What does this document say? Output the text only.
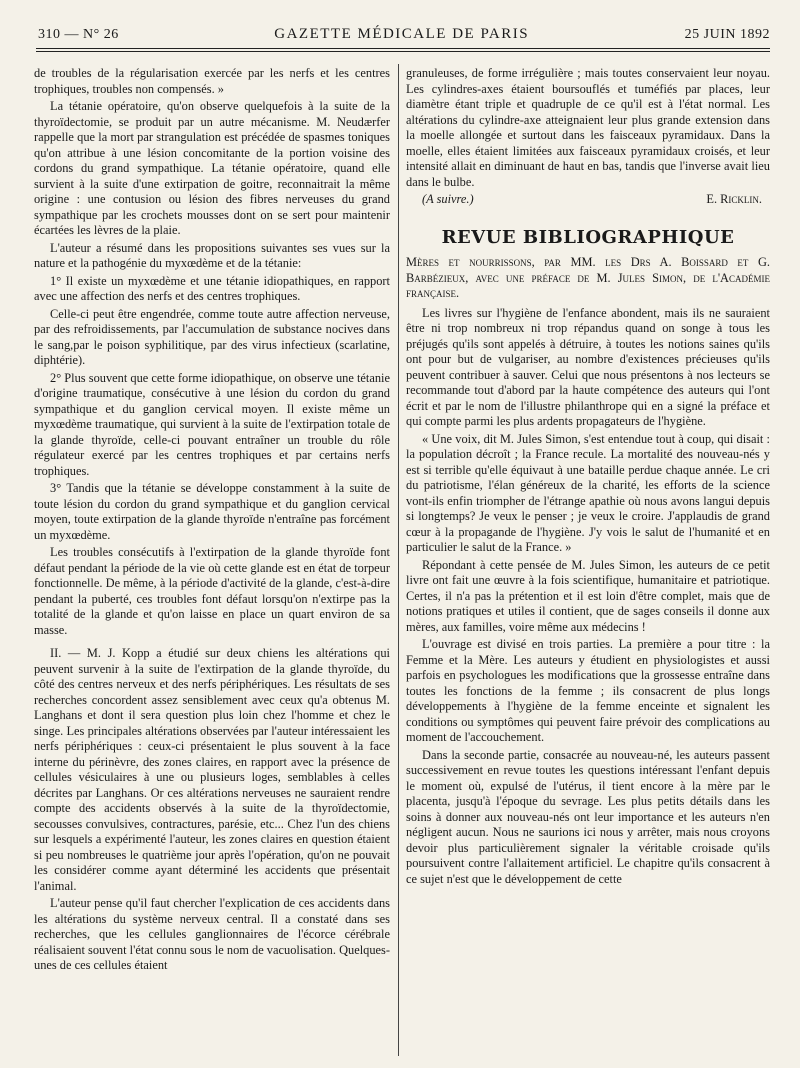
310 — N° 26	GAZETTE MÉDICALE DE PARIS	25 JUIN 1892

de troubles de la régularisation exercée par les nerfs et les centres trophiques, troubles non compensés. »

La tétanie opératoire, qu'on observe quelquefois à la suite de la thyroïdectomie, se produit par un autre mécanisme. M. Neudærfer rappelle que la mort par strangulation est précédée de spasmes toniques qu'on attribue à une lésion concomitante de la portion voisine des cordons du grand sympathique. La tétanie opératoire, quand elle survient à la suite d'une extirpation de goitre, reconnaitrait la même origine : une contusion ou lésion des fibres nerveuses du grand sympathique par les crochets mousses dont on se sert pour maintenir écartées les lèvres de la plaie.

L'auteur a résumé dans les propositions suivantes ses vues sur la nature et la pathogénie du myxœdème et de la tétanie:

1° Il existe un myxœdème et une tétanie idiopathiques, en rapport avec une affection des nerfs et des centres trophiques.

Celle-ci peut être engendrée, comme toute autre affection nerveuse, par des refroidissements, par l'accumulation de substance nocives dans le sang,par le poison syphilitique, par des virus infectieux (scarlatine, diphtérie).

2° Plus souvent que cette forme idiopathique, on observe une tétanie d'origine traumatique, consécutive à une lésion du cordon du grand sympathique et du ganglion cervical moyen. Il existe même un myxœdème traumatique, qui survient à la suite de l'extirpation totale de la glande thyroïde, celle-ci pouvant entraîner un trouble du rôle régulateur exercé par les centres trophiques et par certains nerfs trophiques.

3° Tandis que la tétanie se développe constamment à la suite de toute lésion du cordon du grand sympathique et du ganglion cervical moyen, toute extirpation de la glande thyroïde n'entraîne pas forcément un myxœdème.

Les troubles consécutifs à l'extirpation de la glande thyroïde font défaut pendant la période de la vie où cette glande est en état de torpeur fonctionnelle. De même, à la période d'activité de la glande, c'est-à-dire pendant la puberté, ces troubles font défaut lorsqu'on n'extirpe pas la totalité de la glande et qu'on laisse en place un quart environ de sa masse.

II. — M. J. Kopp a étudié sur deux chiens les altérations qui peuvent survenir à la suite de l'extirpation de la glande thyroïde, du côté des centres nerveux et des nerfs périphériques. Les résultats de ses recherches concordent assez sensiblement avec ceux qu'a obtenus M. Langhans et dont il sera question plus loin chez l'homme et chez le singe. Les principales altérations observées par l'auteur intéressaient les nerfs périphériques : ceux-ci présentaient le plus souvent à la face interne du périnèvre, des zones claires, en rapport avec la présence de cellules vésiculaires à une ou plusieurs loges, semblables à celles décrites par Langhans. Or ces altérations nerveuses ne sauraient rendre compte des accidents observés à la suite de la thyroïdectomie, secousses convulsives, contractures, parésie, etc... Chez l'un des chiens sur lesquels a expérimenté l'auteur, les zones claires en question étaient si peu nombreuses le quatrième jour après l'opération, qu'on ne pouvait les considérer comme ayant déterminé les accidents que présentait l'animal.

L'auteur pense qu'il faut chercher l'explication de ces accidents dans les altérations du système nerveux central. Il a constaté dans ses recherches, que les cellules ganglionnaires de l'écorce cérébrale réalisaient souvent l'état connu sous le nom de vacuolisation. Quelques-unes de ces cellules étaient

granuleuses, de forme irrégulière ; mais toutes conservaient leur noyau. Les cylindres-axes étaient boursouflés et tuméfiés par places, leur diamètre étant triple et quadruple de ce qu'il est à l'état normal. Les altérations du cylindre-axe atteignaient leur plus grande extension dans la moelle allongée et surtout dans les faisceaux pyramidaux. Dans la moelle, elles étaient limitées aux faisceaux pyramidaux croisés, et leur intensité allait en diminuant de haut en bas, tandis que l'inverse avait lieu dans le bulbe.

(A suivre.)	E. Ricklin.
REVUE BIBLIOGRAPHIQUE

Mères et nourrissons, par MM. les Drs A. Boissard et G. Barbézieux, avec une préface de M. Jules Simon, de l'Académie française.

Les livres sur l'hygiène de l'enfance abondent, mais ils ne sauraient être ni trop nombreux ni trop répandus quand on songe à tous les préjugés qu'ils sont appelés à détruire, à toutes les notions saines qu'ils ont pour but de vulgariser, au nombre d'existences précieuses qu'ils peuvent contribuer à sauver. Celui que nous présentons à nos lecteurs se recommande tout d'abord par la haute compétence des auteurs qui l'ont écrit et par le nom de l'illustre philanthrope qui en a signé la préface et qui compte parmi les plus ardents propagateurs de l'hygiène.

« Une voix, dit M. Jules Simon, s'est entendue tout à coup, qui disait : la population décroît ; la France recule. La mortalité des nouveau-nés y est si terrible qu'elle équivaut à une bataille perdue chaque année. Le cri du patriotisme, l'élan généreux de la charité, les efforts de la science vont-ils enfin triompher de l'étrange apathie où nous avons langui depuis si longtemps? Je veux le penser ; je veux le croire. J'applaudis de grand cœur à la propagande de l'hygiène. J'y vois le salut de l'humanité et en particulier le salut de la France. »

Répondant à cette pensée de M. Jules Simon, les auteurs de ce petit livre ont fait une œuvre à la fois scientifique, humanitaire et patriotique. Certes, il n'a pas la prétention et il est loin d'être complet, mais que de notions pratiques et utiles il contient, que de sages conseils il donne aux mères, aux familles, voire même aux médecins !

L'ouvrage est divisé en trois parties. La première a pour titre : la Femme et la Mère. Les auteurs y étudient en physiologistes et aussi parfois en psychologues les modifications que la grossesse entraîne dans toutes les fonctions de la femme ; ils consacrent de plus longs développements à l'hygiène de la femme enceinte et signalent les conditions ou symptômes qui peuvent faire prévoir des complications au moment de l'accouchement.

Dans la seconde partie, consacrée au nouveau-né, les auteurs passent successivement en revue toutes les questions intéressant l'enfant depuis le moment où, expulsé de l'utérus, il tient encore à la mère par le placenta, jusqu'à l'époque du sevrage. Les plus petits détails dans les soins à donner aux nouveau-nés ont leur importance et les auteurs n'en négligent aucun. Nous ne saurions ici nous y arrêter, mais nous croyons devoir plus particulièrement signaler la véritable croisade qu'ils poursuivent contre l'allaitement artificiel. Le chapitre qu'ils consacrent à ce sujet n'est que le développement de cette
